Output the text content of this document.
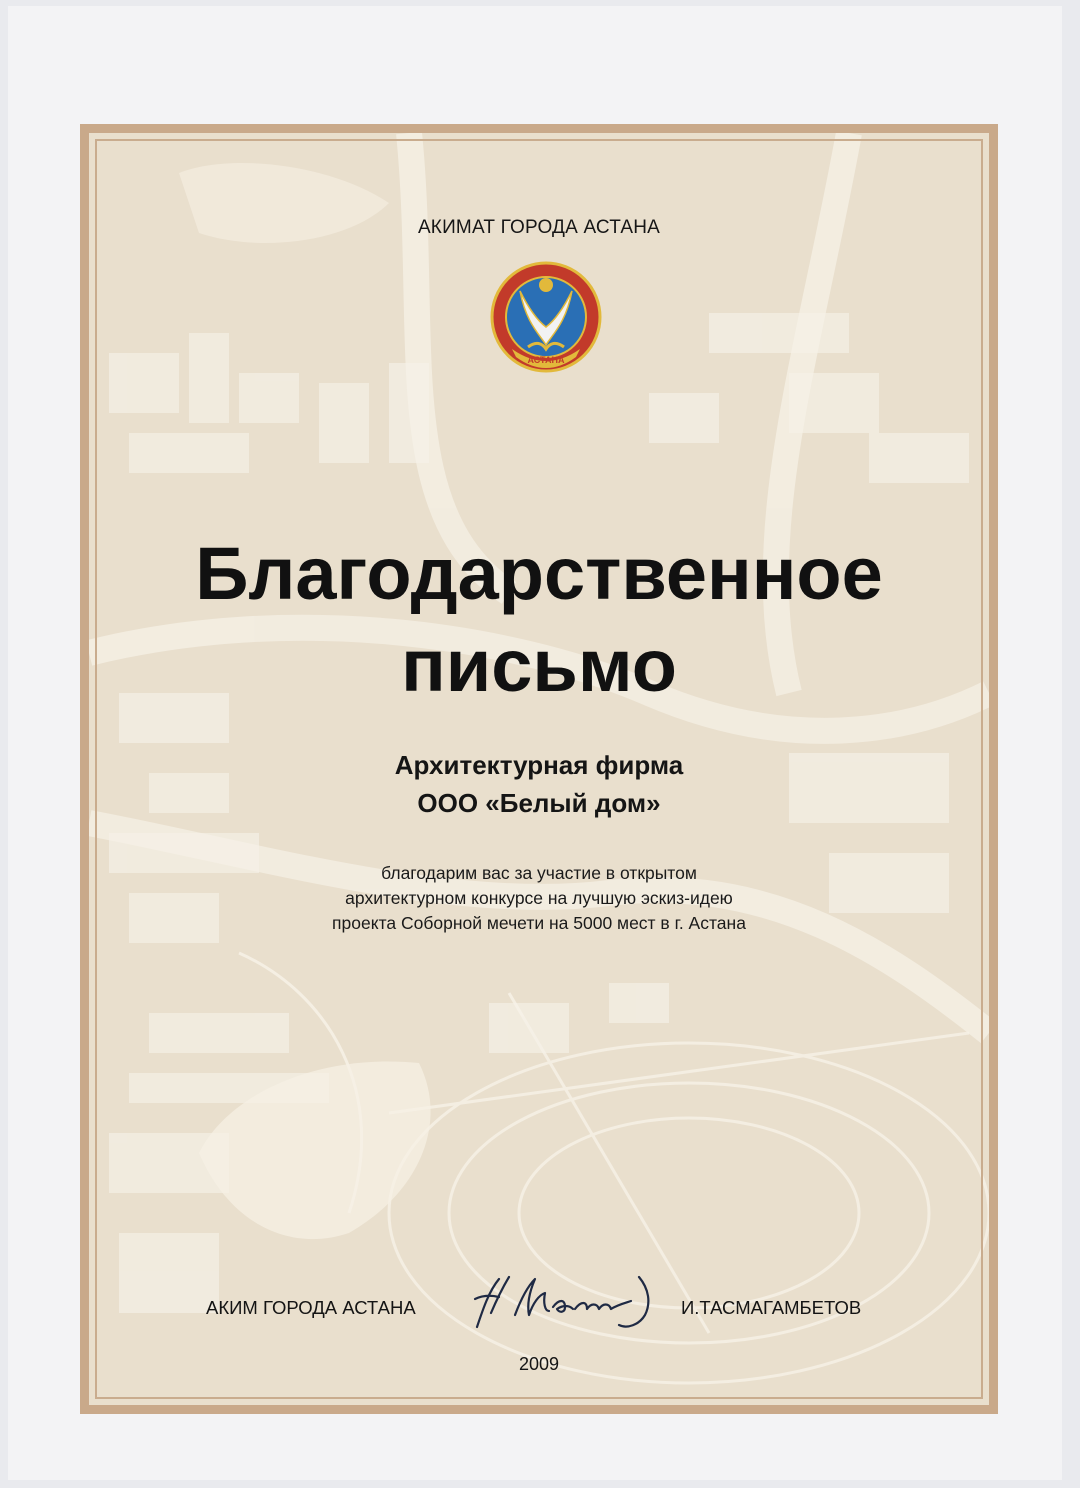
АКИМАТ ГОРОДА АСТАНА
АСТАНА
Благодарственное
письмо
Архитектурная фирма
ООО «Белый дом»
благодарим вас за участие в открытом
архитектурном конкурсе на лучшую эскиз-идею
проекта Соборной мечети на 5000 мест в г. Астана
АКИМ ГОРОДА АСТАНА	И.ТАСМАГАМБЕТОВ
2009
